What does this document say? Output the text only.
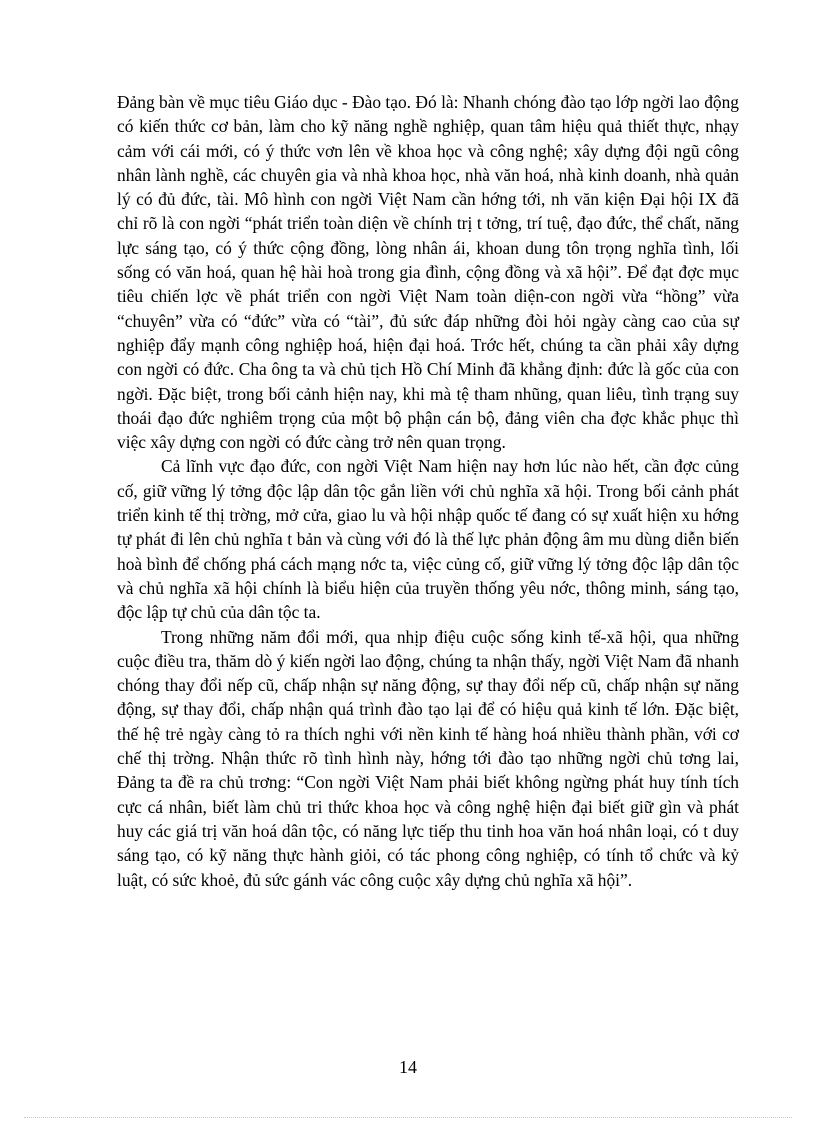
Đảng bàn về mục tiêu Giáo dục - Đào tạo. Đó là: Nhanh chóng đào tạo lớp ngời lao động có kiến thức cơ bản, làm cho kỹ năng nghề nghiệp, quan tâm hiệu quả thiết thực, nhạy cảm với cái mới, có ý thức vơn lên về khoa học và công nghệ; xây dựng đội ngũ công nhân lành nghề, các chuyên gia và nhà khoa học, nhà văn hoá, nhà kinh doanh, nhà quản lý có đủ đức, tài. Mô hình con ngời Việt Nam cần hớng tới, nh văn kiện Đại hội IX đã chỉ rõ là con ngời “phát triển toàn diện về chính trị t tởng, trí tuệ, đạo đức, thể chất, năng lực sáng tạo, có ý thức cộng đồng, lòng nhân ái, khoan dung tôn trọng nghĩa tình, lối sống có văn hoá, quan hệ hài hoà trong gia đình, cộng đồng và xã hội”. Để đạt đợc mục tiêu chiến lợc về phát triển con ngời Việt Nam toàn diện-con ngời vừa “hồng” vừa “chuyên” vừa có “đức” vừa có “tài”, đủ sức đáp những đòi hỏi ngày càng cao của sự nghiệp đẩy mạnh công nghiệp hoá, hiện đại hoá. Trớc hết, chúng ta cần phải xây dựng con ngời có đức. Cha ông ta và chủ tịch Hồ Chí Minh đã khẳng định: đức là gốc của con ngời. Đặc biệt, trong bối cảnh hiện nay, khi mà tệ tham nhũng, quan liêu, tình trạng suy thoái đạo đức nghiêm trọng của một bộ phận cán bộ, đảng viên cha đợc khắc phục thì việc xây dựng con ngời có đức càng trở nên quan trọng.

Cả lĩnh vực đạo đức, con ngời Việt Nam hiện nay hơn lúc nào hết, cần đợc củng cố, giữ vững lý tởng độc lập dân tộc gắn liền với chủ nghĩa xã hội. Trong bối cảnh phát triển kinh tế thị trờng, mở cửa, giao lu và hội nhập quốc tế đang có sự xuất hiện xu hớng tự phát đi lên chủ nghĩa t bản và cùng với đó là thế lực phản động âm mu dùng diễn biến hoà bình để chống phá cách mạng nớc ta, việc củng cố, giữ vững lý tởng độc lập dân tộc và chủ nghĩa xã hội chính là biểu hiện của truyền thống yêu nớc, thông minh, sáng tạo, độc lập tự chủ của dân tộc ta.

Trong những năm đổi mới, qua nhịp điệu cuộc sống kinh tế-xã hội, qua những cuộc điều tra, thăm dò ý kiến ngời lao động, chúng ta nhận thấy, ngời Việt Nam đã nhanh chóng thay đổi nếp cũ, chấp nhận sự năng động, sự thay đổi nếp cũ, chấp nhận sự năng động, sự thay đổi, chấp nhận quá trình đào tạo lại để có hiệu quả kinh tế lớn. Đặc biệt, thế hệ trẻ ngày càng tỏ ra thích nghi với nền kinh tế hàng hoá nhiều thành phần, với cơ chế thị trờng. Nhận thức rõ tình hình này, hớng tới đào tạo những ngời chủ tơng lai, Đảng ta đề ra chủ trơng: “Con ngời Việt Nam phải biết không ngừng phát huy tính tích cực cá nhân, biết làm chủ tri thức khoa học và công nghệ hiện đại biết giữ gìn và phát huy các giá trị văn hoá dân tộc, có năng lực tiếp thu tinh hoa văn hoá nhân loại, có t duy sáng tạo, có kỹ năng thực hành giỏi, có tác phong công nghiệp, có tính tổ chức và kỷ luật, có sức khoẻ, đủ sức gánh vác công cuộc xây dựng chủ nghĩa xã hội”.

14
